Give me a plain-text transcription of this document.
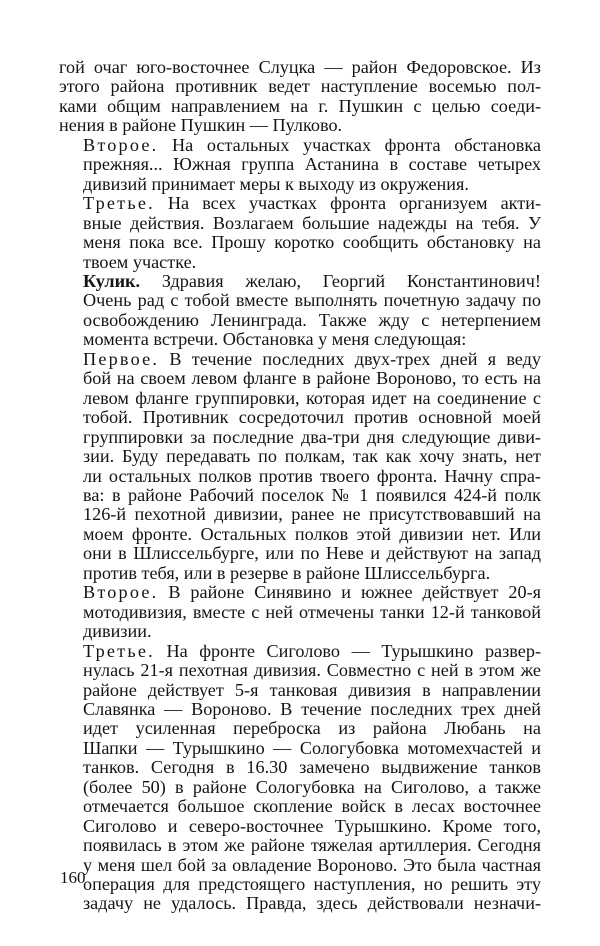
гой очаг юго-восточнее Слуцка — район Федоровское. Из
этого района противник ведет наступление восемью пол-
ками общим направлением на г. Пушкин с целью соеди-
нения в районе Пушкин — Пулково.

Второе. На остальных участках фронта обстановка
прежняя... Южная группа Астанина в составе четырех
дивизий принимает меры к выходу из окружения.

Третье. На всех участках фронта организуем акти-
вные действия. Возлагаем большие надежды на тебя. У
меня пока все. Прошу коротко сообщить обстановку на
твоем участке.

Кулик. Здравия желаю, Георгий Константинович!
Очень рад с тобой вместе выполнять почетную задачу по
освобождению Ленинграда. Также жду с нетерпением
момента встречи. Обстановка у меня следующая:

Первое. В течение последних двух-трех дней я веду
бой на своем левом фланге в районе Вороново, то есть на
левом фланге группировки, которая идет на соединение с
тобой. Противник сосредоточил против основной моей
группировки за последние два-три дня следующие диви-
зии. Буду передавать по полкам, так как хочу знать, нет
ли остальных полков против твоего фронта. Начну спра-
ва: в районе Рабочий поселок № 1 появился 424-й полк
126-й пехотной дивизии, ранее не присутствовавший на
моем фронте. Остальных полков этой дивизии нет. Или
они в Шлиссельбурге, или по Неве и действуют на запад
против тебя, или в резерве в районе Шлиссельбурга.

Второе. В районе Синявино и южнее действует 20-я
мотодивизия, вместе с ней отмечены танки 12-й танковой
дивизии.

Третье. На фронте Сиголово — Турышкино развер-
нулась 21-я пехотная дивизия. Совместно с ней в этом же
районе действует 5-я танковая дивизия в направлении
Славянка — Вороново. В течение последних трех дней
идет усиленная переброска из района Любань на
Шапки — Турышкино — Сологубовка мотомехчастей и
танков. Сегодня в 16.30 замечено выдвижение танков
(более 50) в районе Сологубовка на Сиголово, а также
отмечается большое скопление войск в лесах восточнее
Сиголово и северо-восточнее Турышкино. Кроме того,
появилась в этом же районе тяжелая артиллерия. Сегодня
у меня шел бой за овладение Вороново. Это была частная
операция для предстоящего наступления, но решить эту
задачу не удалось. Правда, здесь действовали незначи-

160
